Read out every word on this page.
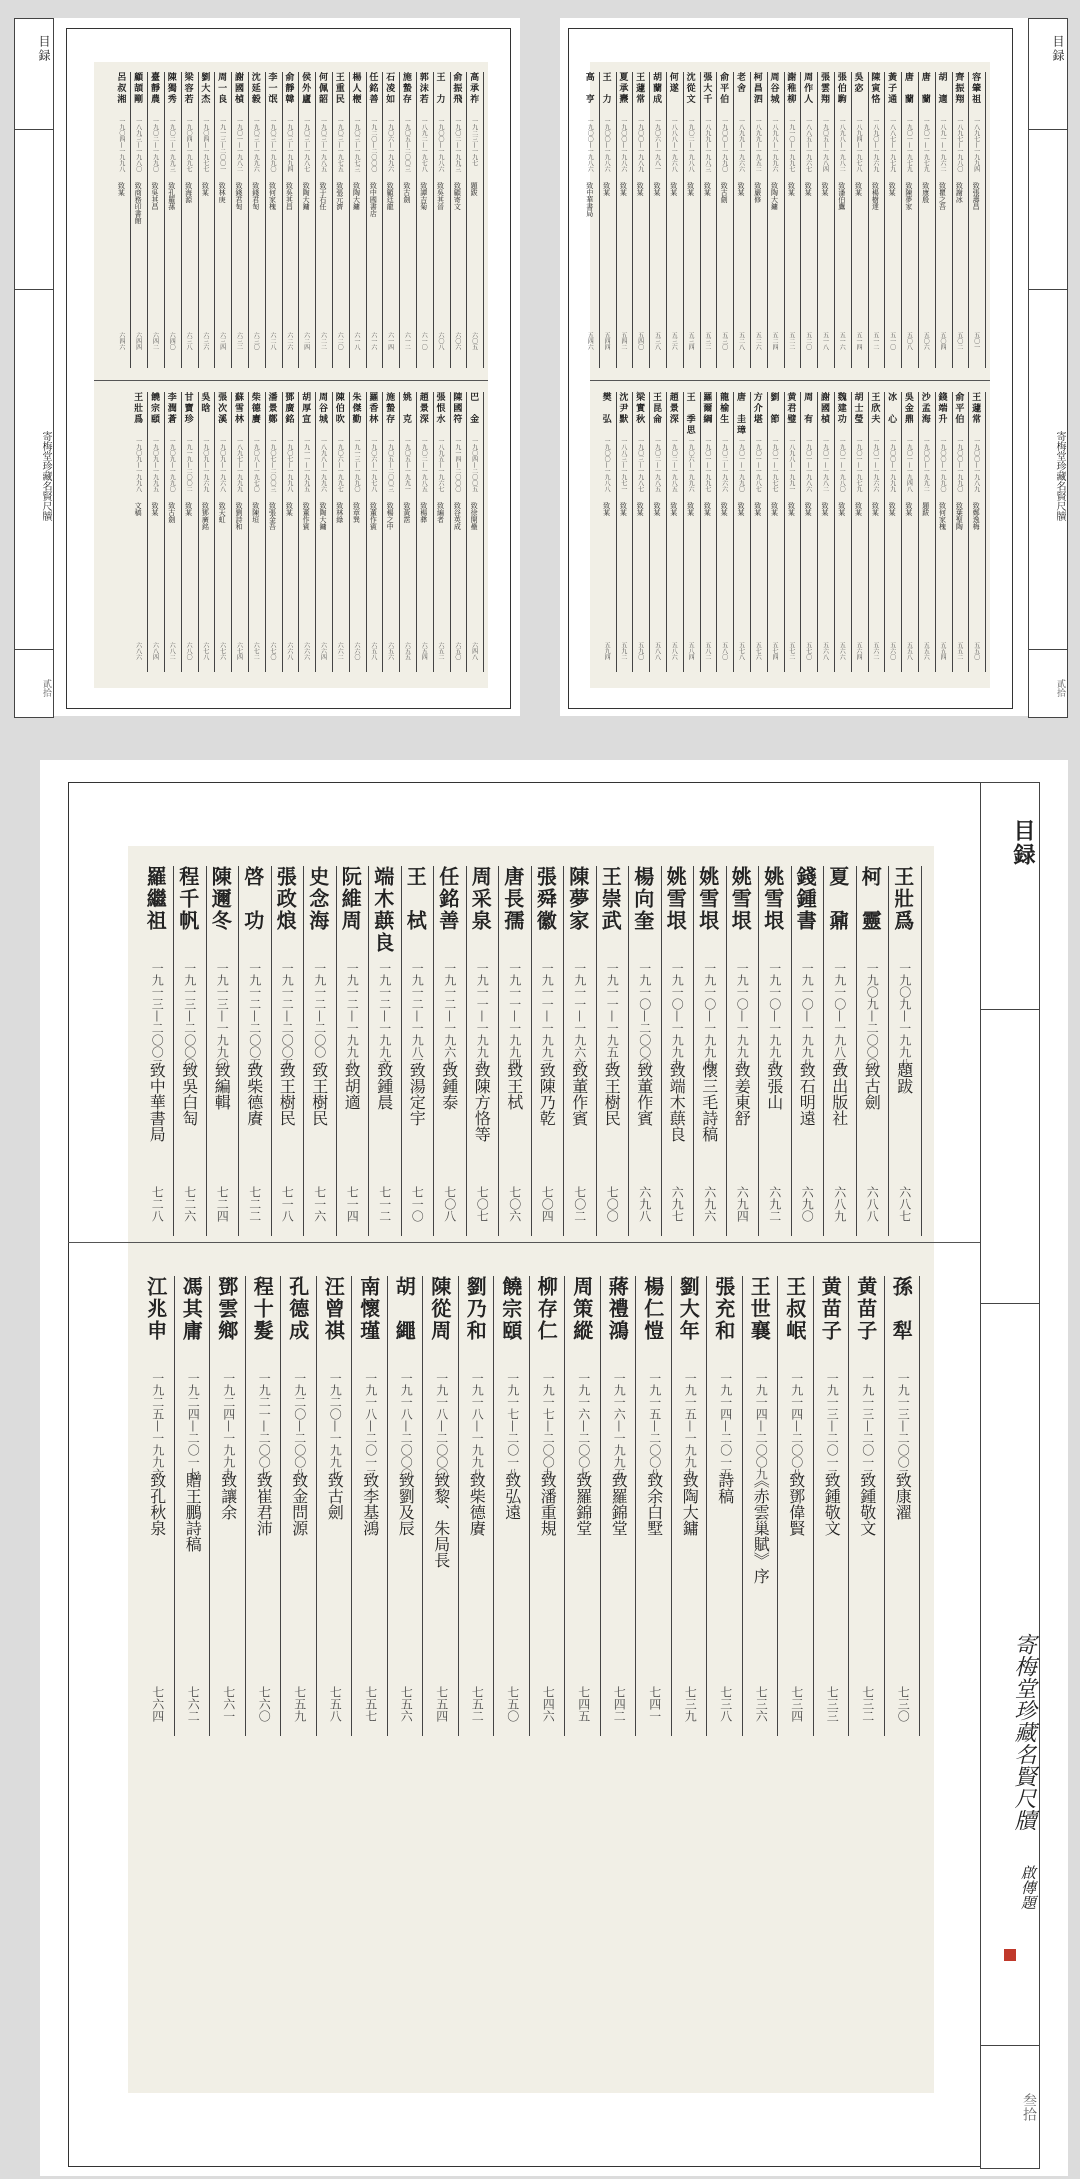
目録
寄梅堂珍藏名賢尺牘
貳拾
高承祚
一九二三—一九七
題跋
六〇五
俞振飛
一九〇二—一九九三
致顧寄文
六〇六
王　力
一九〇〇—一九八六
致吳其晉
六〇八
郭沫若
一八九二—一九七八
致譚吉菊
六一〇
施蟄存
一九〇五—二〇〇三
致古劍
六一二
石凌如
一九〇六—一九九六
致顧廷龍
六一四
任銘善
一九二〇—二〇〇〇
致中國書店
六一六
楊人楩
一九〇三—一九七三
致陶大鏞
六一八
王重民
一九〇三—一九七五
致張元濟
六二〇
何佩韶
一九〇三—一九八五
致于右任
六二二
侯外廬
一九〇三—一九八七
致陶大鏞
六二四
俞靜韓
一九〇三—一九九四
致吳其昌
六二六
李一氓
一九〇三—一九九〇
致何家槐
六二八
沈延毅
一九〇三—一九九六
致錢君匋
六三〇
謝國楨
一九〇一—一九八二
致錢君匋
六三二
周一良
一九一三—二〇〇一
致林庚
六三四
劉大杰
一九〇四—一九七七
致某
六三六
梁容若
一九〇四—一九九七
致海源
六三八
陳獨秀
一九〇二—一九九三
致孔羅蓀
六四〇
臺靜農
一九〇二—一九九〇
致吳其昌
六四二
顧頡剛
一八九三—一九八〇
致商務印書館
六四四
呂叔湘
一九〇四—一九九八
致某
六四六
巴　金
一九〇四—二〇〇五
致徐開壘
六四八
陳國符
一九一四—二〇〇〇
致谷英成
六五〇
張恨水
一八九五—一九六七
致編者
六五二
趙景深
一九〇二—一九八五
致楊彝
六五四
姚　克
一九〇五—一九九一
致黃霑
六五五
施蟄存
一九〇五—二〇〇三
致楊之中
六五六
羅香林
一九〇六—一九七八
致董作賓
六五八
朱傑勤
一九一三—一九九〇
致章巽
六六〇
陳伯吹
一九〇六—一九九七
致林綠
六六二
周谷城
一八九八—一九九六
致陶大鏞
六六四
胡厚宣
一九一一—一九九五
致董作賓
六六六
鄧廣銘
一九〇七—一九九八
致某
六六八
潘景鄭
一九〇七—二〇〇三
致張金吾
六七〇
柴德賡
一九〇八—一九七〇
致陳垣
六七二
蘇雪林
一八九七—一九九九
致劉詩和
六七四
張次溪
一九〇九—一九六八
致天虹
六七六
吳晗
一九〇九—一九六九
致鄧廣銘
六七八
甘寶珍
一九一九—二〇〇二
致某
六八〇
李潤蒼
一九〇九—一九九〇
致古劍
六八二
饒宗頤
一九〇九—一九九五
致某
六八四
王壯爲
一九〇九—一九九八
文稿
六八六
容肇祖
一八九七—一九九四
致張壽昌
五〇一
齊振翔
一八九七—一九八〇
致謝冰
五〇二
胡　適
一八九一—一九六二
致瞿之吾
五〇四
唐　蘭
一九〇一—一九七九
致康殷
五〇六
唐　蘭
一九〇一—一九七九
致陳夢家
五〇八
黃子通
一八八七—一九七九
致某
五一〇
陳寅恪
一八九〇—一九六九
致楊樹達
五一二
吳宓
一八九四—一九七八
致某
五一四
張伯駒
一八九八—一九八二
致潘伯鷹
五一六
張雲翔
一九〇五—一九八四
致某
五一八
周作人
一八八五—一九六七
致某
五二〇
謝稚柳
一九一〇—一九九七
致某
五二二
周谷城
一八九八—一九九六
致陶大鏞
五二四
柯昌泗
一八九九—一九五二
致嚴修
五二六
老舍
一八九九—一九六六
致某
五二八
俞平伯
一九〇〇—一九九〇
致古劍
五三〇
張大千
一八九九—一九八三
致某
五三二
沈從文
一九〇二—一九八八
致某
五三四
何遂
一八八八—一九六八
致某
五三六
胡蘭成
一九〇六—一九八一
致某
五三八
王蘧常
一九〇〇—一九八九
致某
五四〇
夏承燾
一九〇〇—一九八六
致某
五四二
王　力
一九〇〇—一九八六
致某
五四四
高　亨
一九〇〇—一九八六
致中華書局
五四六
王蘧常
一九〇〇—一九八九
致鄭逸梅
五五〇
俞平伯
一九〇〇—一九九〇
致葉聖陶
五五二
錢端升
一九〇〇—一九九〇
致何家槐
五五四
沙孟海
一九〇〇—一九九二
題跋
五五六
吳金鼎
一九〇一—一九四八
致某
五五八
冰　心
一九〇〇—一九九九
致某
五六〇
王欣夫
一九〇一—一九六六
致某
五六二
胡士瑩
一九〇一—一九七九
致某
五六四
魏建功
一九〇一—一九八〇
致某
五六六
謝國楨
一九〇一—一九八二
致某
五六八
周　有
一九〇一—一九八六
致某
五七〇
黄君璧
一八九八—一九九一
致某
五七二
劉　節
一九〇一—一九七七
致某
五七四
方介堪
一九〇一—一九八七
致某
五七六
唐　圭璋
一九〇一—一九九〇
致某
五七八
龍榆生
一九〇二—一九六六
致某
五八〇
羅爾綱
一九〇一—一九九七
致某
五八二
王　季思
一九〇六—一九九六
致某
五八四
趙景深
一九〇二—一九八五
致某
五八六
王昆侖
一九〇二—一九八五
致某
五八八
梁實秋
一九〇三—一九八七
致某
五九〇
沈尹默
一八八三—一九七一
致某
五九二
樊　弘
一九〇〇—一九八八
致某
五九四
目録
寄梅堂珍藏名賢尺牘
貳拾
王壯爲
一九〇九—一九九八
題跋
六八七
柯　靈
一九〇九—二〇〇〇
致古劍
六八八
夏　鼐
一九一〇—一九八五
致出版社
六八九
錢鍾書
一九一〇—一九九八
致石明遠
六九〇
姚雪垠
一九一〇—一九九九
致張山
六九二
姚雪垠
一九一〇—一九九九
致姜東舒
六九四
姚雪垠
一九一〇—一九九九
懷三毛詩稿
六九六
姚雪垠
一九一〇—一九九九
致端木蕻良
六九七
楊向奎
一九一〇—二〇〇〇
致董作賓
六九八
王崇武
一九一一—一九五七
致王樹民
七〇〇
陳夢家
一九一一—一九六六
致董作賓
七〇二
張舜徽
一九一一—一九九二
致陳乃乾
七〇四
唐長孺
一九一一—一九九四
致王栻
七〇六
周采泉
一九一一—一九九九
致陳方恪等
七〇七
任銘善
一九一二—一九六七
致鍾泰
七〇八
王　栻
一九一二—一九八三
致湯定宇
七一〇
端木蕻良
一九一二—一九九六
致鍾晨
七一二
阮維周
一九一二—一九九八
致胡適
七一四
史念海
一九一二—二〇〇一
致王樹民
七一六
張政烺
一九一二—二〇〇五
致王樹民
七一八
啓　功
一九一二—二〇〇五
致柴德賡
七二二
陳邇冬
一九一三—一九九〇
致編輯
七二四
程千帆
一九一三—二〇〇〇
致吳白匋
七二六
羅繼祖
一九一三—二〇〇二
致中華書局
七二八
孫　犁
一九一三—二〇〇二
致康濯
七三〇
黄苗子
一九一三—二〇一二
致鍾敬文
七三二
黄苗子
一九一三—二〇一二
致鍾敬文
七三三
王叔岷
一九一四—二〇〇八
致鄧偉賢
七三四
王世襄
一九一四—二〇〇九
《赤雲巢賦》序
七三六
張充和
一九一四—二〇一五
詩稿
七三八
劉大年
一九一五—一九九九
致陶大鏞
七三九
楊仁愷
一九一五—二〇〇八
致余白墅
七四一
蔣禮鴻
一九一六—一九九五
致羅錦堂
七四二
周策縱
一九一六—二〇〇七
致羅錦堂
七四五
柳存仁
一九一七—二〇〇九
致潘重規
七四六
饒宗頤
一九一七—二〇一八
致弘遠
七五〇
劉乃和
一九一八—一九九八
致柴德賡
七五二
陳從周
一九一八—二〇〇〇
致黎、朱局長
七五四
胡　繩
一九一八—二〇〇〇
致劉及辰
七五六
南懷瑾
一九一八—二〇一二
致李基鴻
七五七
汪曾祺
一九二〇—一九九七
致古劍
七五八
孔德成
一九二〇—二〇〇八
致金問源
七五九
程十髮
一九二一—二〇〇七
致崔君沛
七六〇
鄧雲鄉
一九二四—一九九九
致讓余
七六一
馮其庸
一九二四—二〇一七
贈王鵬詩稿
七六二
江兆申
一九二五—一九九六
致孔秋泉
七六四
目録
寄梅堂珍藏名賢尺牘
啟傳題
叁拾
